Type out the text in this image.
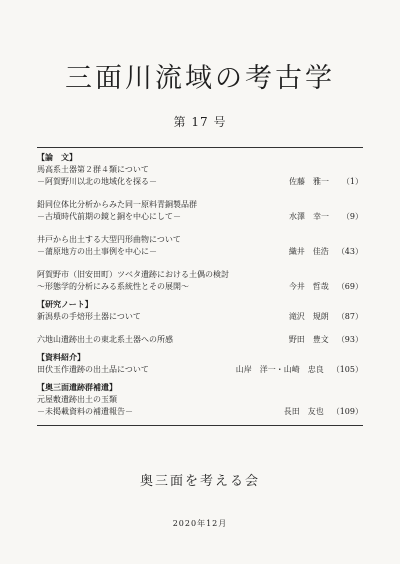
三面川流域の考古学
第 17 号
【論　文】
馬高系土器第２群４類について
－阿賀野川以北の地域化を探る－	佐藤　雅一 （1）
鉛同位体比分析からみた同一原料青銅製品群
－古墳時代前期の鏡と銅を中心にして－	水澤　幸一 （9）
井戸から出土する大型円形曲物について
－蒲原地方の出土事例を中心に－	織井　佳浩 （43）
阿賀野市（旧安田町）ツベタ遺跡における土偶の検討
～形態学的分析にみる系統性とその展開～	今井　哲哉 （69）
【研究ノート】
新潟県の手焙形土器について	滝沢　規朗 （87）
六地山遺跡出土の東北系土器への所感	野田　豊文 （93）
【資料紹介】
田伏玉作遺跡の出土品について	山岸　洋一・山崎　忠良 （105）
【奥三面遺跡群補遺】
元屋敷遺跡出土の玉類
－未掲載資料の補遺報告－	長田　友也 （109）
奥三面を考える会
2020年12月
